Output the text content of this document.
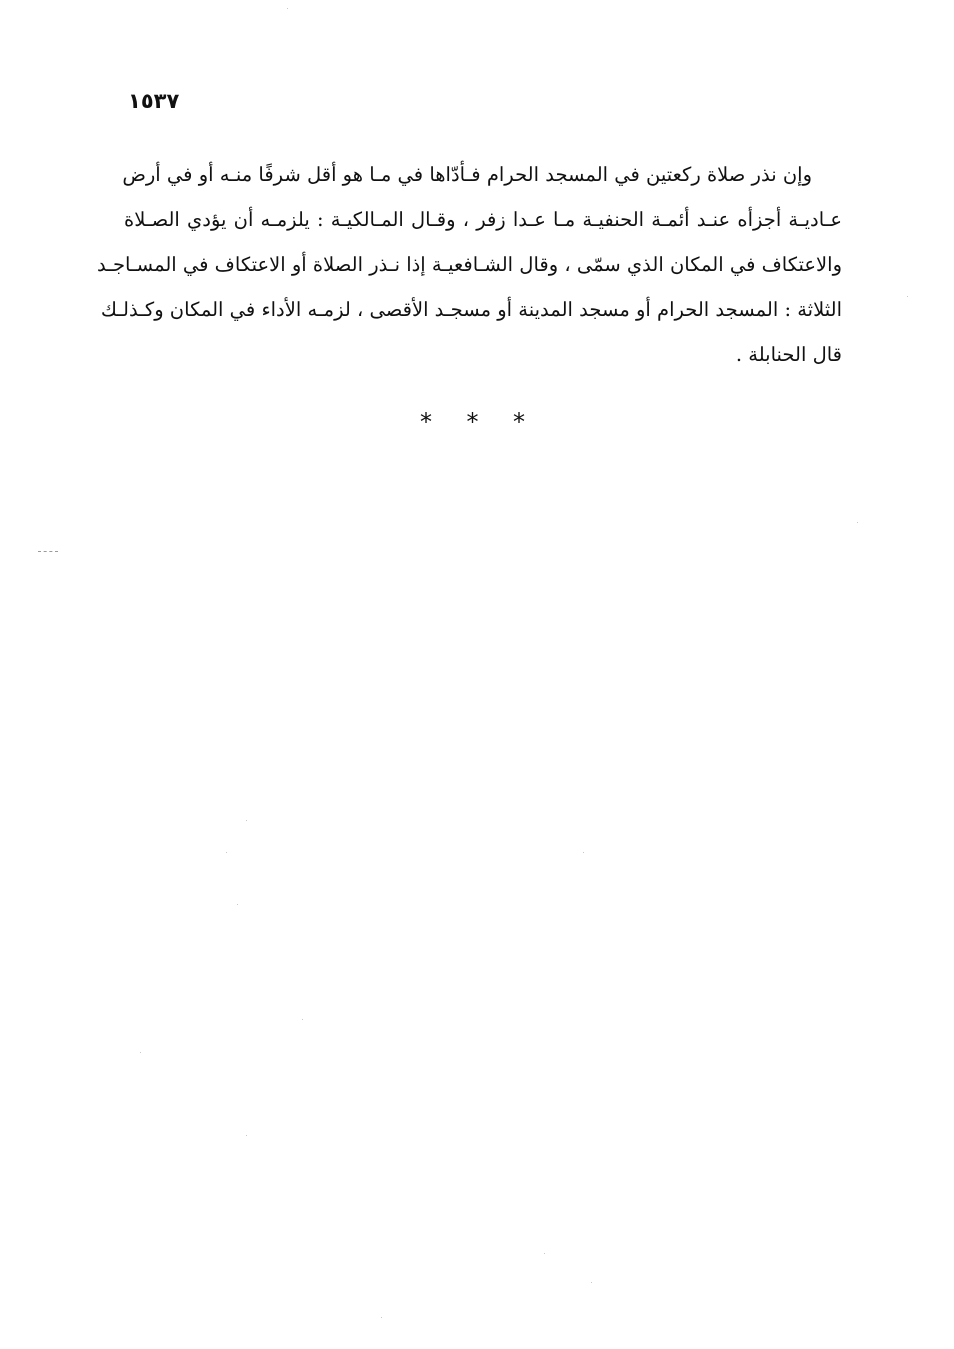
١٥٣٧
وإن نذر صلاة ركعتين في المسجد الحرام فـأدّاها في مـا هو أقل شرفًا منـه أو في أرض
عـاديـة أجزأه عنـد أئمـة الحنفيـة مـا عـدا زفر ، وقـال المـالكيـة : يلزمـه أن يؤدي الصـلاة
والاعتكاف في المكان الذي سمّى ، وقال الشـافعيـة إذا نـذر الصلاة أو الاعتكاف في المسـاجـد
الثلاثة : المسجد الحرام أو مسجد المدينة أو مسجـد الأقصى ، لزمـه الأداء في المكان وكـذلـك
قال الحنابلة .
* * *
